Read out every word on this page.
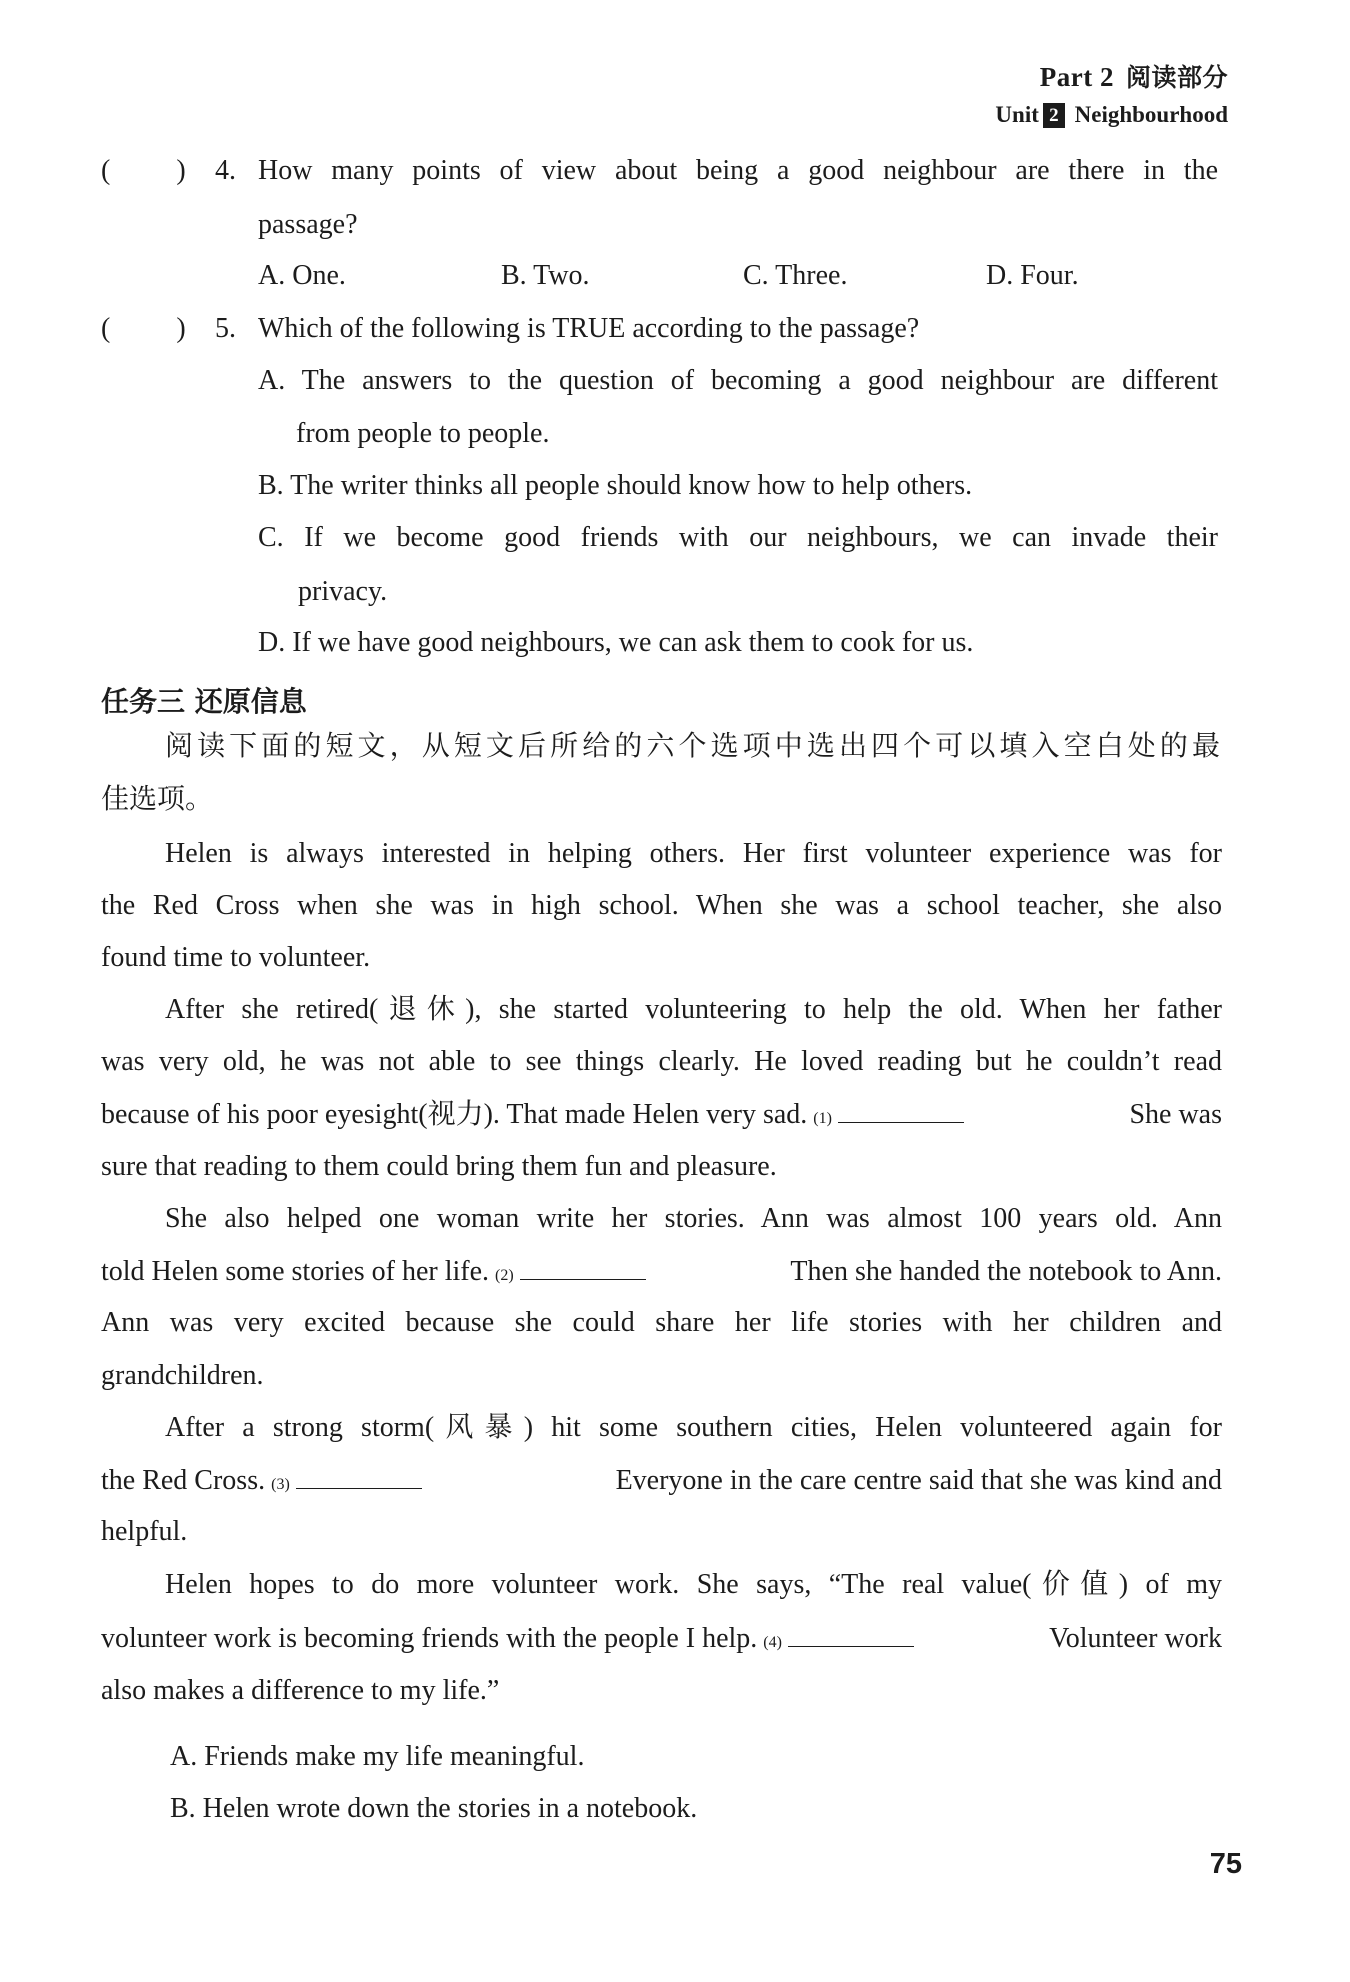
Part 2 阅读部分
Unit 2 Neighbourhood
( ) 4. How many points of view about being a good neighbour are there in the
passage?
A. One.	B. Two.	C. Three.	D. Four.
( ) 5. Which of the following is TRUE according to the passage?
A. The answers to the question of becoming a good neighbour are different
from people to people.
B. The writer thinks all people should know how to help others.
C. If we become good friends with our neighbours, we can invade their
privacy.
D. If we have good neighbours, we can ask them to cook for us.
任务三 还原信息
阅读下面的短文，从短文后所给的六个选项中选出四个可以填入空白处的最
佳选项。
Helen is always interested in helping others. Her first volunteer experience was for
the Red Cross when she was in high school. When she was a school teacher, she also
found time to volunteer.
After she retired(退休), she started volunteering to help the old. When her father
was very old, he was not able to see things clearly. He loved reading but he couldn’t read
because of his poor eyesight(视力). That made Helen very sad. (1)	She was
sure that reading to them could bring them fun and pleasure.
She also helped one woman write her stories. Ann was almost 100 years old. Ann
told Helen some stories of her life. (2)	Then she handed the notebook to Ann.
Ann was very excited because she could share her life stories with her children and
grandchildren.
After a strong storm(风暴) hit some southern cities, Helen volunteered again for
the Red Cross. (3)	Everyone in the care centre said that she was kind and
helpful.
Helen hopes to do more volunteer work. She says, “The real value(价值) of my
volunteer work is becoming friends with the people I help. (4)	Volunteer work
also makes a difference to my life.”
A. Friends make my life meaningful.
B. Helen wrote down the stories in a notebook.
75
